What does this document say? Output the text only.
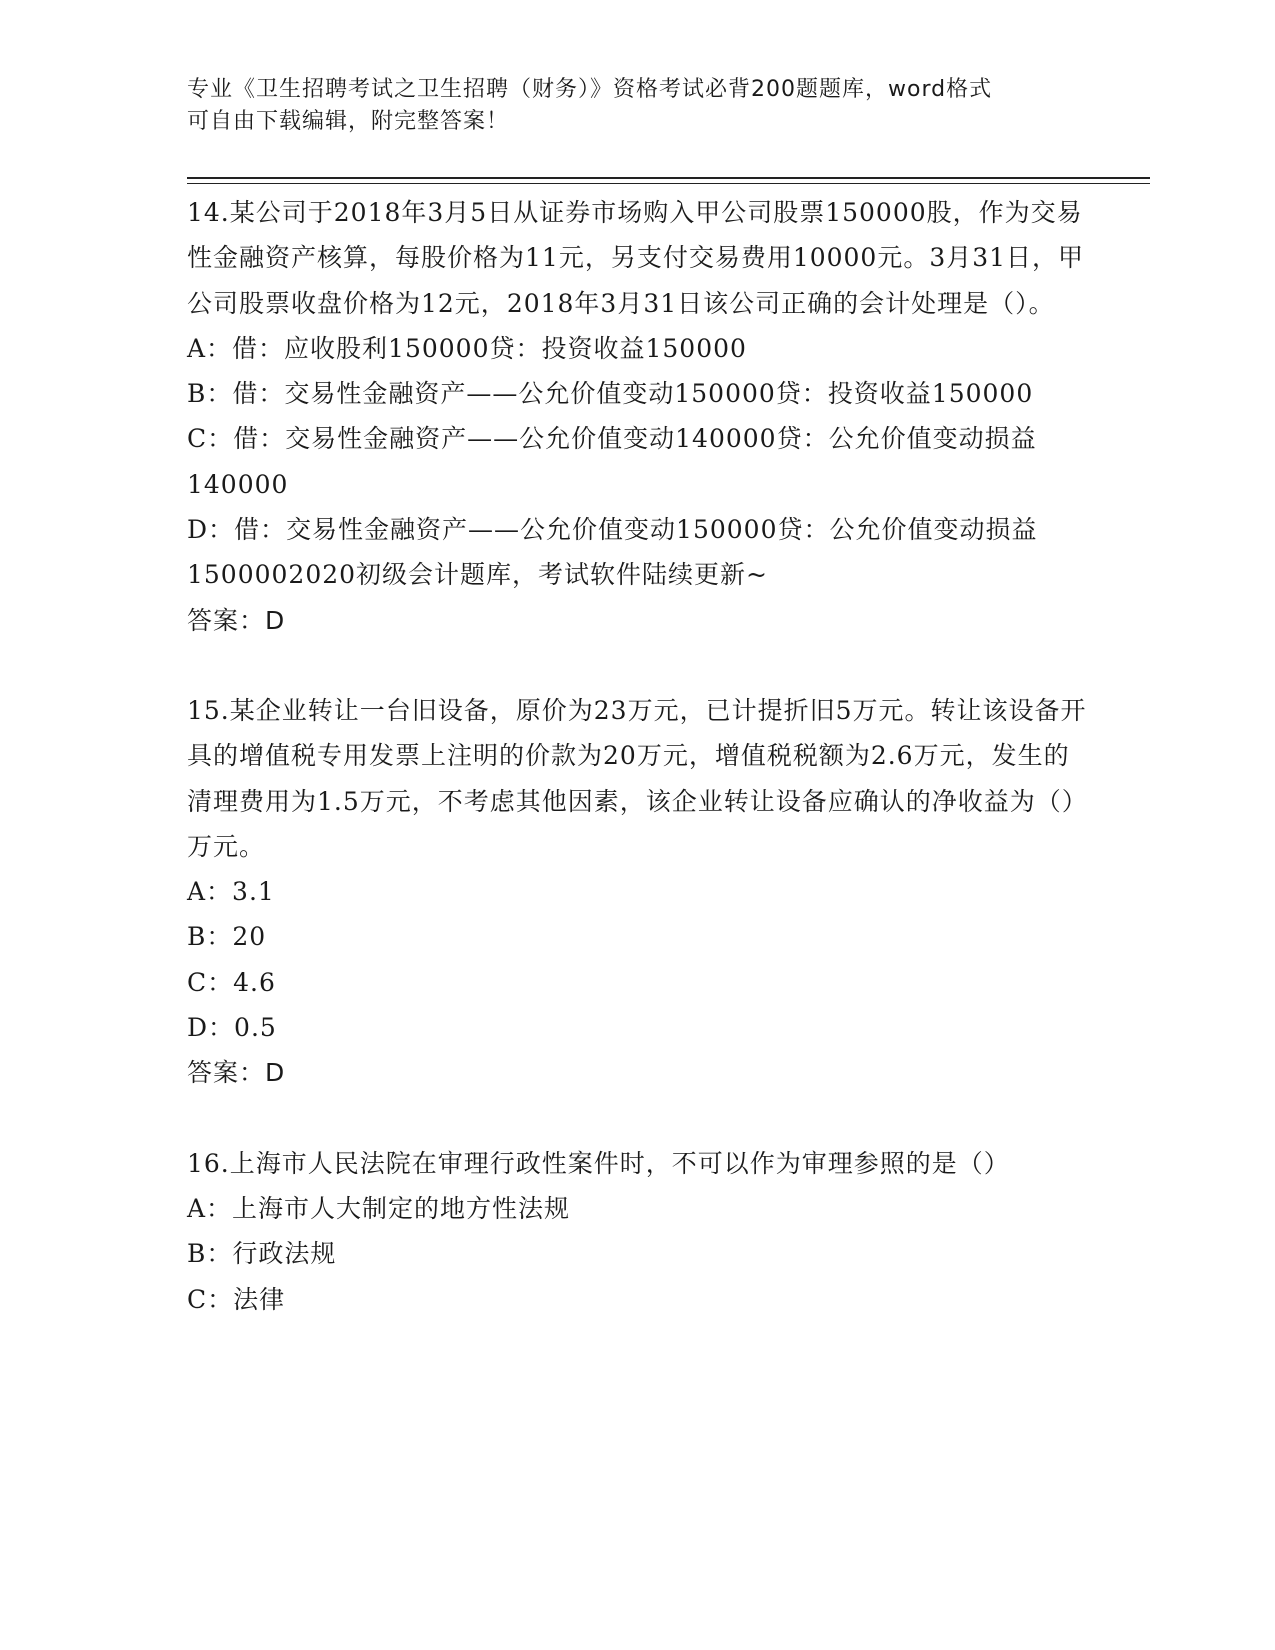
专业《卫生招聘考试之卫生招聘（财务）》资格考试必背200题题库，word格式
可自由下载编辑，附完整答案！

14.某公司于2018年3月5日从证券市场购入甲公司股票150000股，作为交易性金融资产核算，每股价格为11元，另支付交易费用10000元。3月31日，甲公司股票收盘价格为12元，2018年3月31日该公司正确的会计处理是（）。

A：借：应收股利150000贷：投资收益150000

B：借：交易性金融资产——公允价值变动150000贷：投资收益150000

C：借：交易性金融资产——公允价值变动140000贷：公允价值变动损益140000

D：借：交易性金融资产——公允价值变动150000贷：公允价值变动损益1500002020初级会计题库，考试软件陆续更新~

答案：D

15.某企业转让一台旧设备，原价为23万元，已计提折旧5万元。转让该设备开具的增值税专用发票上注明的价款为20万元，增值税税额为2.6万元，发生的清理费用为1.5万元，不考虑其他因素，该企业转让设备应确认的净收益为（）万元。

A：3.1

B：20

C：4.6

D：0.5

答案：D

16.上海市人民法院在审理行政性案件时，不可以作为审理参照的是（）

A：上海市人大制定的地方性法规

B：行政法规

C：法律
